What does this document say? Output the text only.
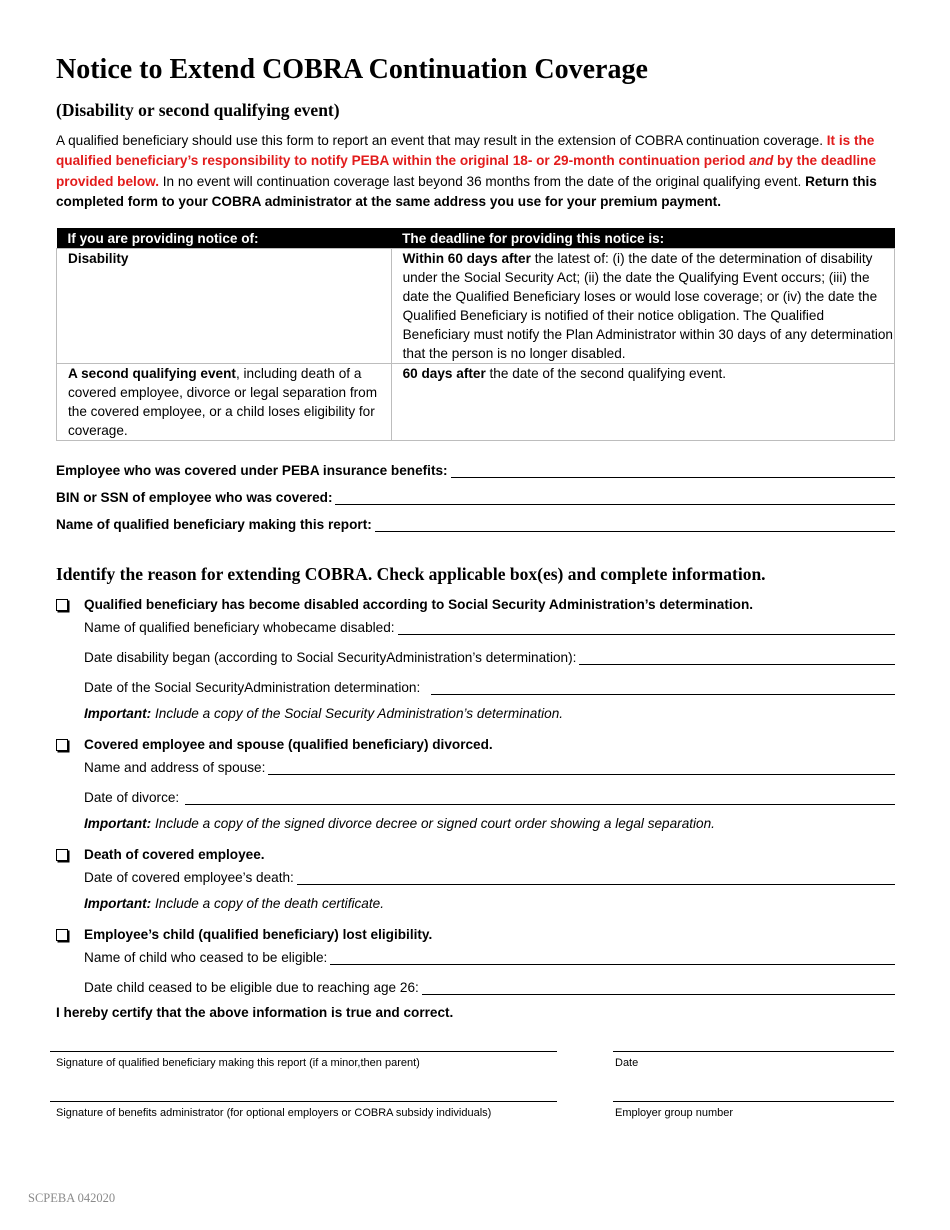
Notice to Extend COBRA Continuation Coverage
(Disability or second qualifying event)
A qualified beneficiary should use this form to report an event that may result in the extension of COBRA continuation coverage. It is the qualified beneficiary’s responsibility to notify PEBA within the original 18- or 29-month continuation period and by the deadline provided below. In no event will continuation coverage last beyond 36 months from the date of the original qualifying event. Return this completed form to your COBRA administrator at the same address you use for your premium payment.
If you are providing notice of:	The deadline for providing this notice is:
Disability	Within 60 days after the latest of: (i) the date of the determination of disability under the Social Security Act; (ii) the date the Qualifying Event occurs; (iii) the date the Qualified Beneficiary loses or would lose coverage; or (iv) the date the Qualified Beneficiary is notified of their notice obligation. The Qualified Beneficiary must notify the Plan Administrator within 30 days of any determination that the person is no longer disabled.
A second qualifying event, including death of a covered employee, divorce or legal separation from the covered employee, or a child loses eligibility for coverage.	60 days after the date of the second qualifying event.
Employee who was covered under PEBA insurance benefits:
BIN or SSN of employee who was covered:
Name of qualified beneficiary making this report:
Identify the reason for extending COBRA. Check applicable box(es) and complete information.
Qualified beneficiary has become disabled according to Social Security Administration’s determination.
Name of qualified beneficiary whobecame disabled:
Date disability began (according to Social SecurityAdministration’s determination):
Date of the Social SecurityAdministration determination:
Important: Include a copy of the Social Security Administration’s determination.
Covered employee and spouse (qualified beneficiary) divorced.
Name and address of spouse:
Date of divorce:
Important: Include a copy of the signed divorce decree or signed court order showing a legal separation.
Death of covered employee.
Date of covered employee’s death:
Important: Include a copy of the death certificate.
Employee’s child (qualified beneficiary) lost eligibility.
Name of child who ceased to be eligible:
Date child ceased to be eligible due to reaching age 26:
I hereby certify that the above information is true and correct.
Signature of qualified beneficiary making this report (if a minor,then parent)	Date
Signature of benefits administrator (for optional employers or COBRA subsidy individuals)	Employer group number
SCPEBA 042020
